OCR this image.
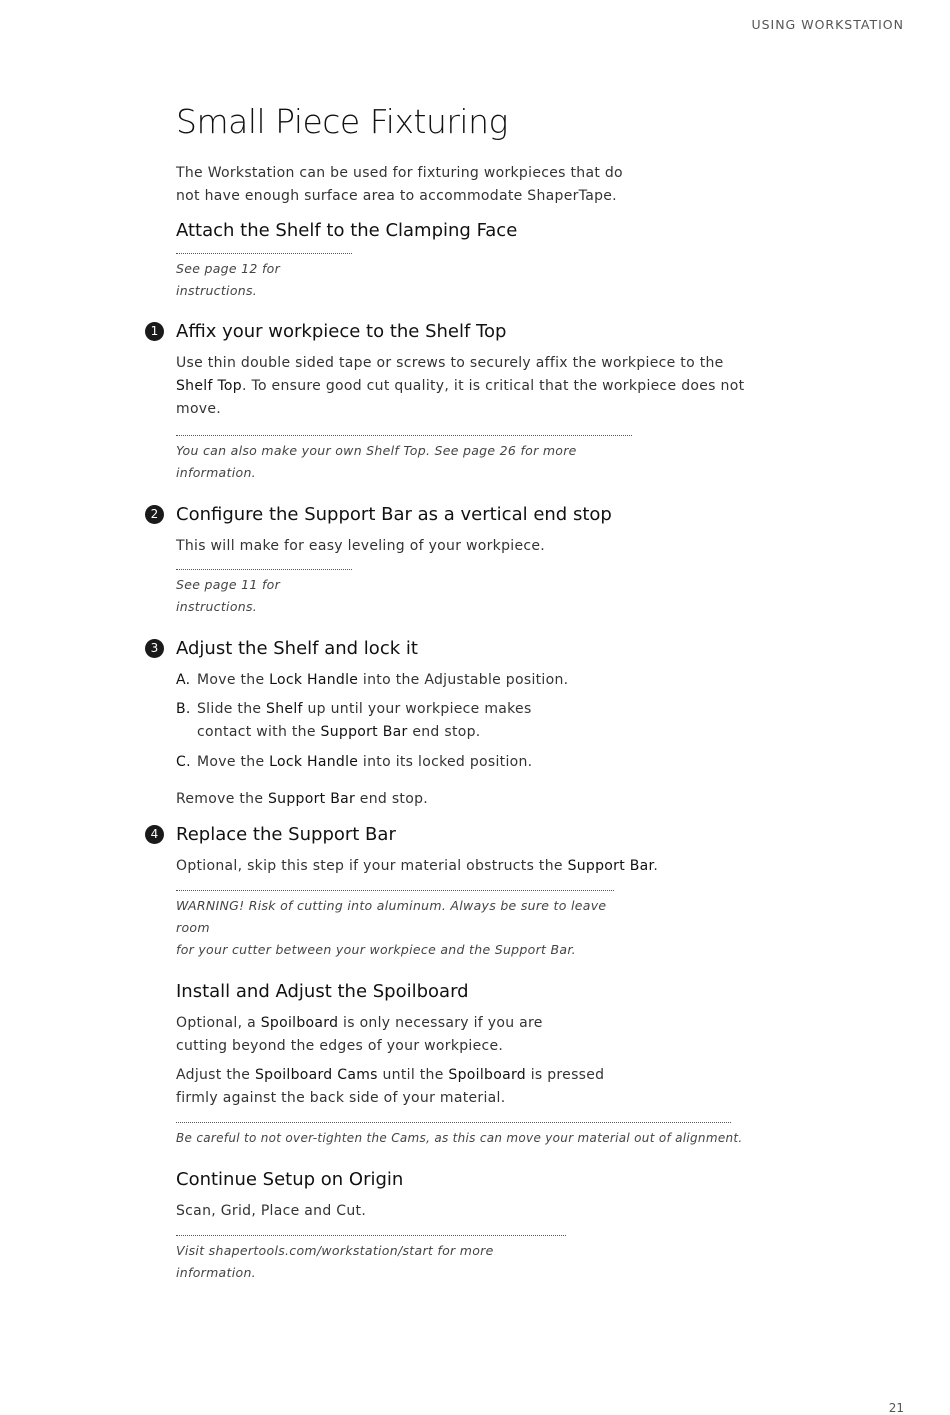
USING WORKSTATION
Small Piece Fixturing
The Workstation can be used for fixturing workpieces that do not have enough surface area to accommodate ShaperTape.
Attach the Shelf to the Clamping Face
See page 12 for instructions.
1 Affix your workpiece to the Shelf Top
Use thin double sided tape or screws to securely affix the workpiece to the Shelf Top. To ensure good cut quality, it is critical that the workpiece does not move.
You can also make your own Shelf Top. See page 26 for more information.
2 Configure the Support Bar as a vertical end stop
This will make for easy leveling of your workpiece.
See page 11 for instructions.
3 Adjust the Shelf and lock it
A. Move the Lock Handle into the Adjustable position.
B. Slide the Shelf up until your workpiece makes
contact with the Support Bar end stop.
C. Move the Lock Handle into its locked position.
Remove the Support Bar end stop.
4 Replace the Support Bar
Optional, skip this step if your material obstructs the Support Bar.
WARNING! Risk of cutting into aluminum. Always be sure to leave room
for your cutter between your workpiece and the Support Bar.
Install and Adjust the Spoilboard
Optional, a Spoilboard is only necessary if you are
cutting beyond the edges of your workpiece.
Adjust the Spoilboard Cams until the Spoilboard is pressed
firmly against the back side of your material.
Be careful to not over-tighten the Cams, as this can move your material out of alignment.
Continue Setup on Origin
Scan, Grid, Place and Cut.
Visit shapertools.com/workstation/start for more information.
21
